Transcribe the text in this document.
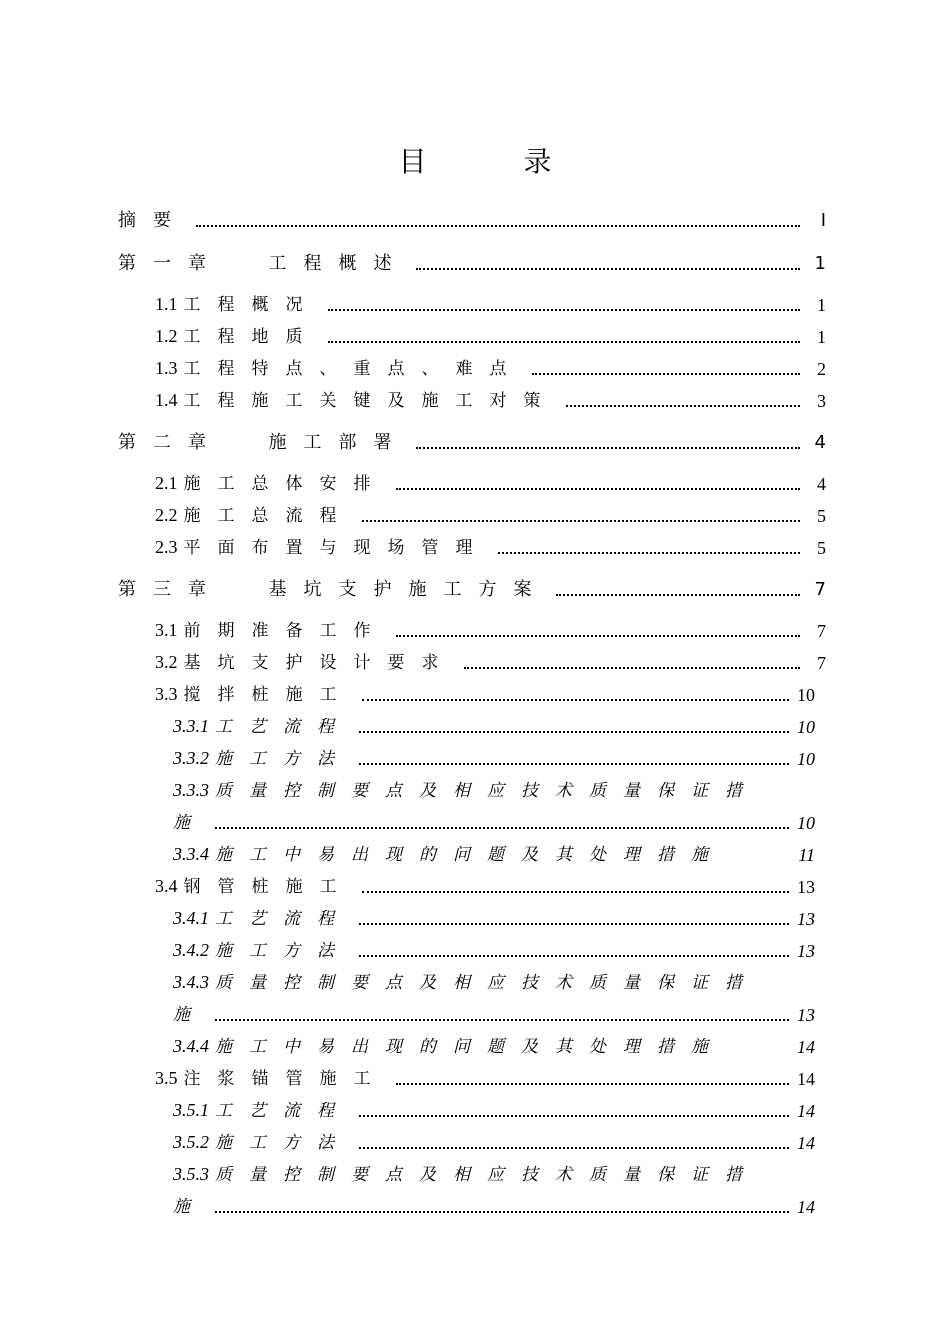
目 录
摘要	I
第一章  工程概述	1
1.1 工程概况	1
1.2 工程地质	1
1.3 工程特点、重点、难点	2
1.4 工程施工关键及施工对策	3
第二章  施工部署	4
2.1 施工总体安排	4
2.2 施工总流程	5
2.3 平面布置与现场管理	5
第三章  基坑支护施工方案	7
3.1 前期准备工作	7
3.2 基坑支护设计要求	7
3.3 搅拌桩施工	10
3.3.1 工艺流程	10
3.3.2 施工方法	10
3.3.3 质量控制要点及相应技术质量保证措
施	10
3.3.4 施工中易出现的问题及其处理措施	11
3.4 钢管桩施工	13
3.4.1 工艺流程	13
3.4.2 施工方法	13
3.4.3 质量控制要点及相应技术质量保证措
施	13
3.4.4 施工中易出现的问题及其处理措施	14
3.5 注浆锚管施工	14
3.5.1 工艺流程	14
3.5.2 施工方法	14
3.5.3 质量控制要点及相应技术质量保证措
施	14
